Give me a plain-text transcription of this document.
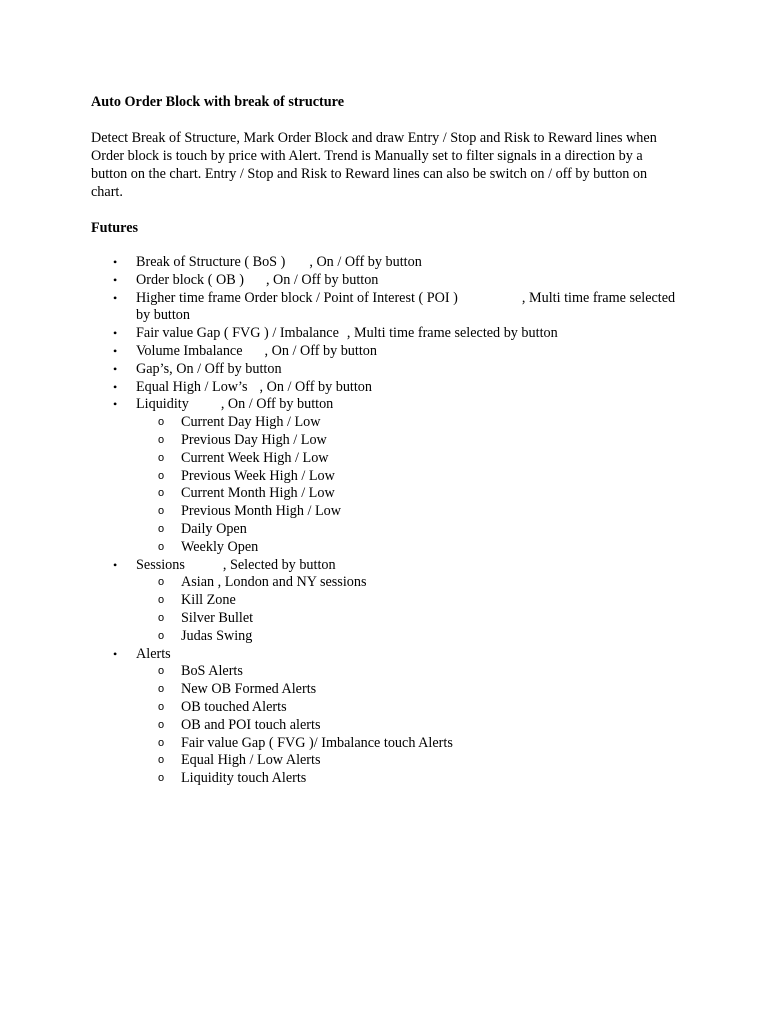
Auto Order Block with break of structure

Detect Break of Structure, Mark Order Block and draw Entry / Stop and Risk to Reward lines when Order block is touch by price with Alert. Trend is Manually set to filter signals in a direction by a button on the chart. Entry / Stop and Risk to Reward lines can also be switch on / off by button on chart.

Futures

• Break of Structure ( BoS ) , On / Off by button
• Order block ( OB ) , On / Off by button
• Higher time frame Order block / Point of Interest ( POI )	, Multi time frame selected by button
• Fair value Gap ( FVG ) / Imbalance , Multi time frame selected by button
• Volume Imbalance , On / Off by button
• Gap’s, On / Off by button
• Equal High / Low’s , On / Off by button
• Liquidity , On / Off by button
o Current Day High / Low
o Previous Day High / Low
o Current Week High / Low
o Previous Week High / Low
o Current Month High / Low
o Previous Month High / Low
o Daily Open
o Weekly Open
• Sessions	, Selected by button
o Asian , London and NY sessions
o Kill Zone
o Silver Bullet
o Judas Swing
• Alerts
o BoS Alerts
o New OB Formed Alerts
o OB touched Alerts
o OB and POI touch alerts
o Fair value Gap ( FVG )/ Imbalance touch Alerts
o Equal High / Low Alerts
o Liquidity touch Alerts
